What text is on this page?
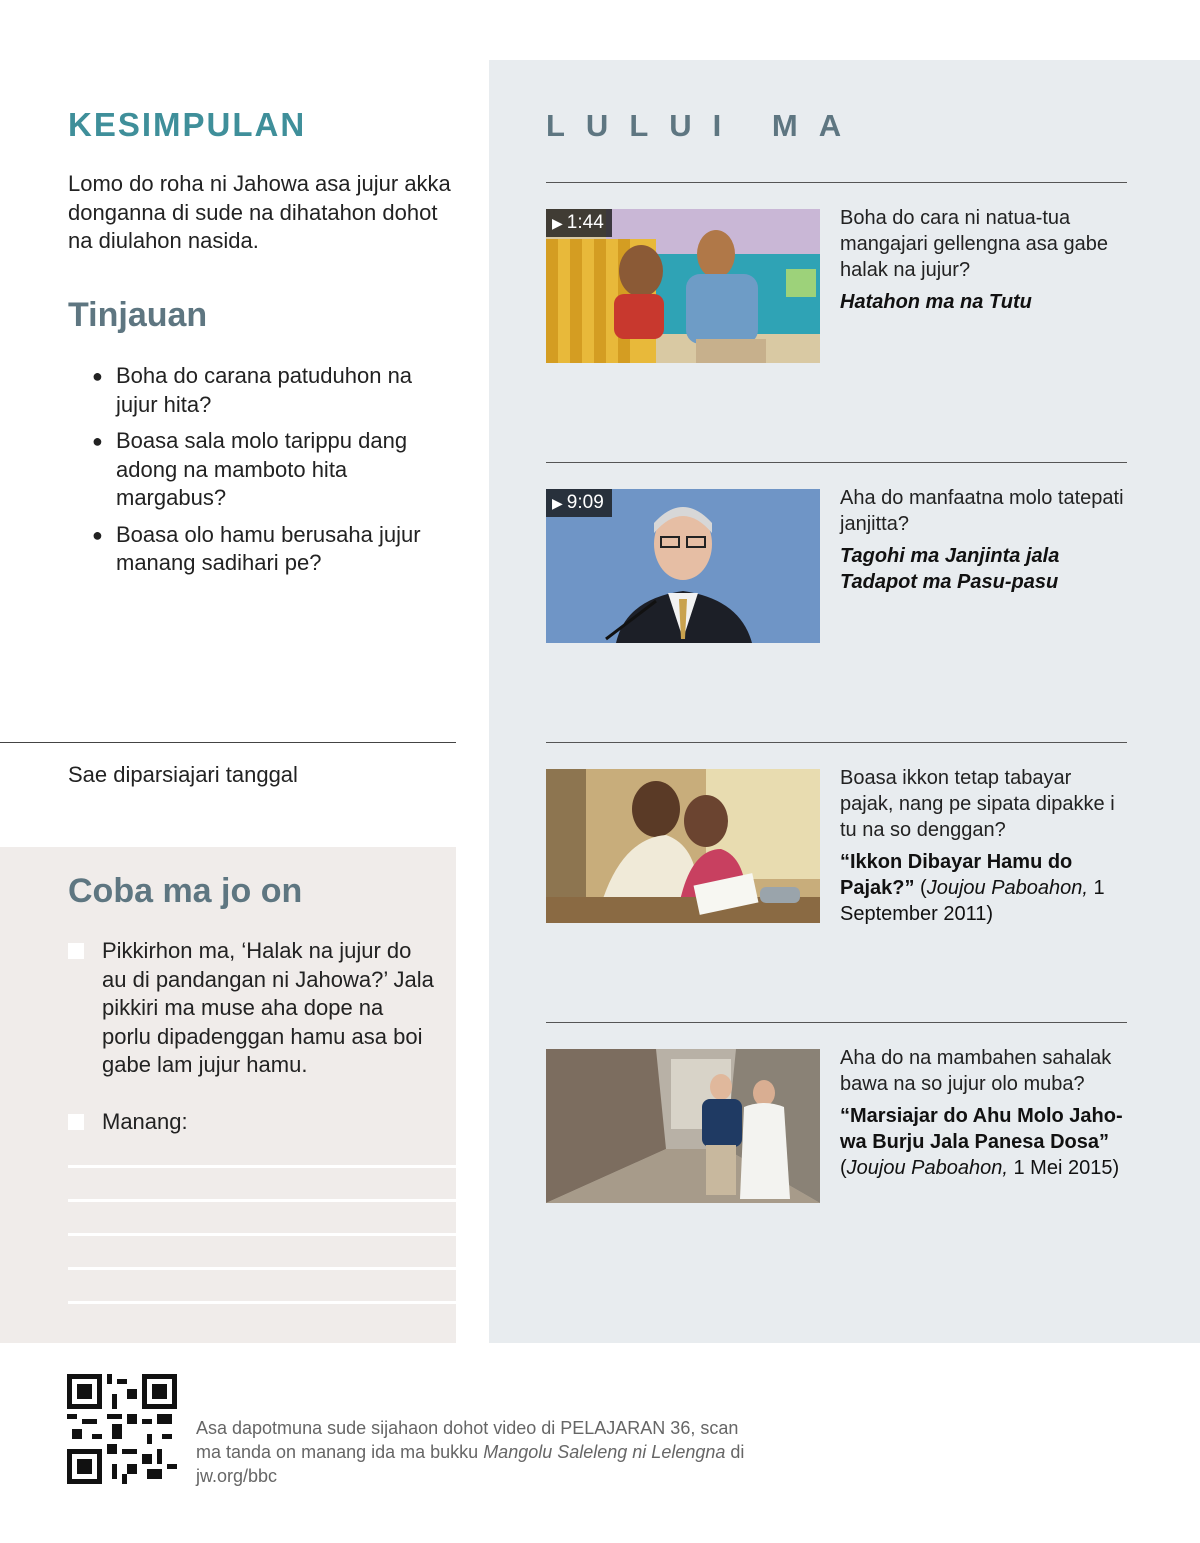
KESIMPULAN

Lomo do roha ni Jahowa asa jujur akka donganna di sude na dihatahon dohot na diulahon nasida.

Tinjauan
● Boha do carana patuduhon na jujur hita?
● Boasa sala molo tarippu dang adong na mamboto hita margabus?
● Boasa olo hamu berusaha jujur manang sadihari pe?
Sae diparsiajari tanggal
Coba ma jo on
Pikkirhon ma, ‘Halak na jujur do au di pandangan ni Jahowa?’ Jala pikkiri ma muse aha dope na porlu dipadenggan hamu asa boi gabe lam jujur hamu.
Manang:
LULUI MA
▶ 1:44	Boha do cara ni natua-tua mangajari gellengna asa gabe halak na jujur?
Hatahon ma na Tutu
▶ 9:09	Aha do manfaatna molo tatepati janjitta?
Tagohi ma Janjinta jala Tadapot ma Pasu-pasu
Boasa ikkon tetap tabayar pajak, nang pe sipata dipakke i tu na so denggan?
“Ikkon Dibayar Hamu do Pajak?” (Joujou Paboahon, 1 September 2011)
Aha do na mambahen sahalak bawa na so jujur olo muba?
“Marsiajar do Ahu Molo Jahowa Burju Jala Panesa Dosa”
(Joujou Paboahon, 1 Mei 2015)

Asa dapotmuna sude sijahaon dohot video di PELAJARAN 36, scan ma tanda on manang ida ma bukku Mangolu Saleleng ni Lelengna di jw.org/bbc
